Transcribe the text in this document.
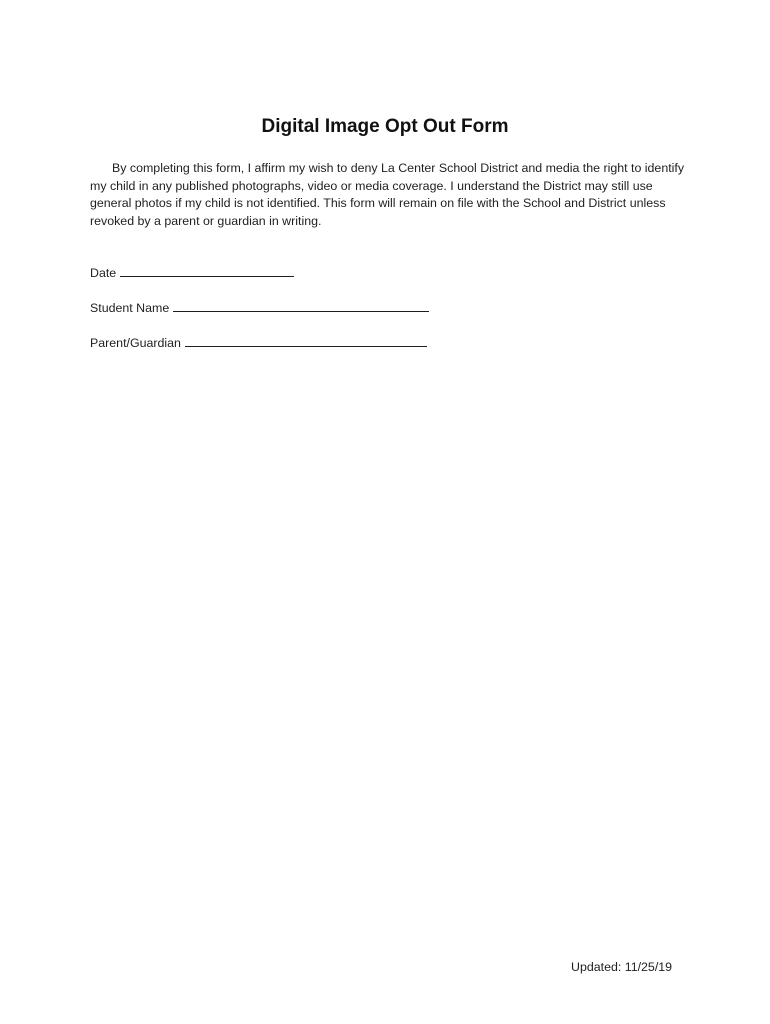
Digital Image Opt Out Form

By completing this form, I affirm my wish to deny La Center School District and media the right to identify my child in any published photographs, video or media coverage. I understand the District may still use general photos if my child is not identified. This form will remain on file with the School and District unless revoked by a parent or guardian in writing.

Date
Student Name
Parent/Guardian
Updated: 11/25/19
